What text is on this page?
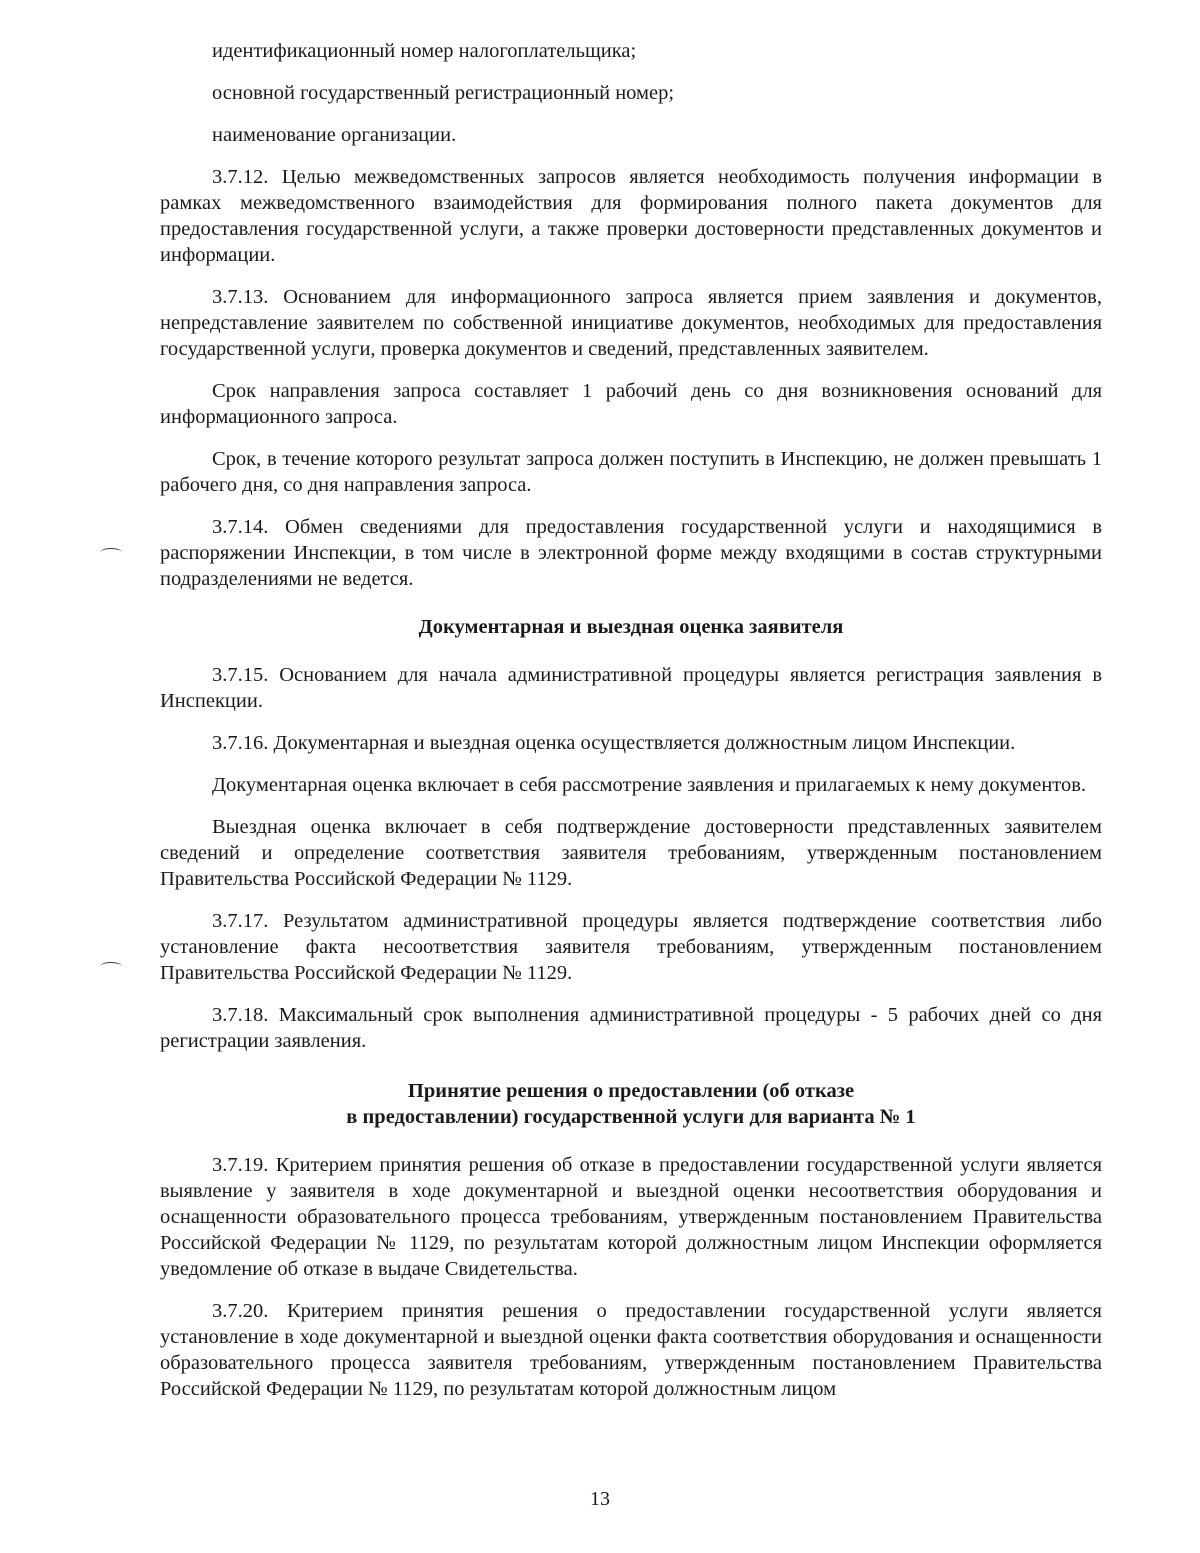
идентификационный номер налогоплательщика;

основной государственный регистрационный номер;

наименование организации.

3.7.12. Целью межведомственных запросов является необходимость получения информации в рамках межведомственного взаимодействия для формирования полного пакета документов для предоставления государственной услуги, а также проверки достоверности представленных документов и информации.

3.7.13. Основанием для информационного запроса является прием заявления и документов, непредставление заявителем по собственной инициативе документов, необходимых для предоставления государственной услуги, проверка документов и сведений, представленных заявителем.

Срок направления запроса составляет 1 рабочий день со дня возникновения оснований для информационного запроса.

Срок, в течение которого результат запроса должен поступить в Инспекцию, не должен превышать 1 рабочего дня, со дня направления запроса.

3.7.14. Обмен сведениями для предоставления государственной услуги и находящимися в распоряжении Инспекции, в том числе в электронной форме между входящими в состав структурными подразделениями не ведется.

Документарная и выездная оценка заявителя

3.7.15. Основанием для начала административной процедуры является регистрация заявления в Инспекции.

3.7.16. Документарная и выездная оценка осуществляется должностным лицом Инспекции.

Документарная оценка включает в себя рассмотрение заявления и прилагаемых к нему документов.

Выездная оценка включает в себя подтверждение достоверности представленных заявителем сведений и определение соответствия заявителя требованиям, утвержденным постановлением Правительства Российской Федерации № 1129.

3.7.17. Результатом административной процедуры является подтверждение соответствия либо установление факта несоответствия заявителя требованиям, утвержденным постановлением Правительства Российской Федерации № 1129.

3.7.18. Максимальный срок выполнения административной процедуры - 5 рабочих дней со дня регистрации заявления.

Принятие решения о предоставлении (об отказе

в предоставлении) государственной услуги для варианта № 1

3.7.19. Критерием принятия решения об отказе в предоставлении государственной услуги является выявление у заявителя в ходе документарной и выездной оценки несоответствия оборудования и оснащенности образовательного процесса требованиям, утвержденным постановлением Правительства Российской Федерации № 1129, по результатам которой должностным лицом Инспекции оформляется уведомление об отказе в выдаче Свидетельства.

3.7.20. Критерием принятия решения о предоставлении государственной услуги является установление в ходе документарной и выездной оценки факта соответствия оборудования и оснащенности образовательного процесса заявителя требованиям, утвержденным постановлением Правительства Российской Федерации № 1129, по результатам которой должностным лицом

13
